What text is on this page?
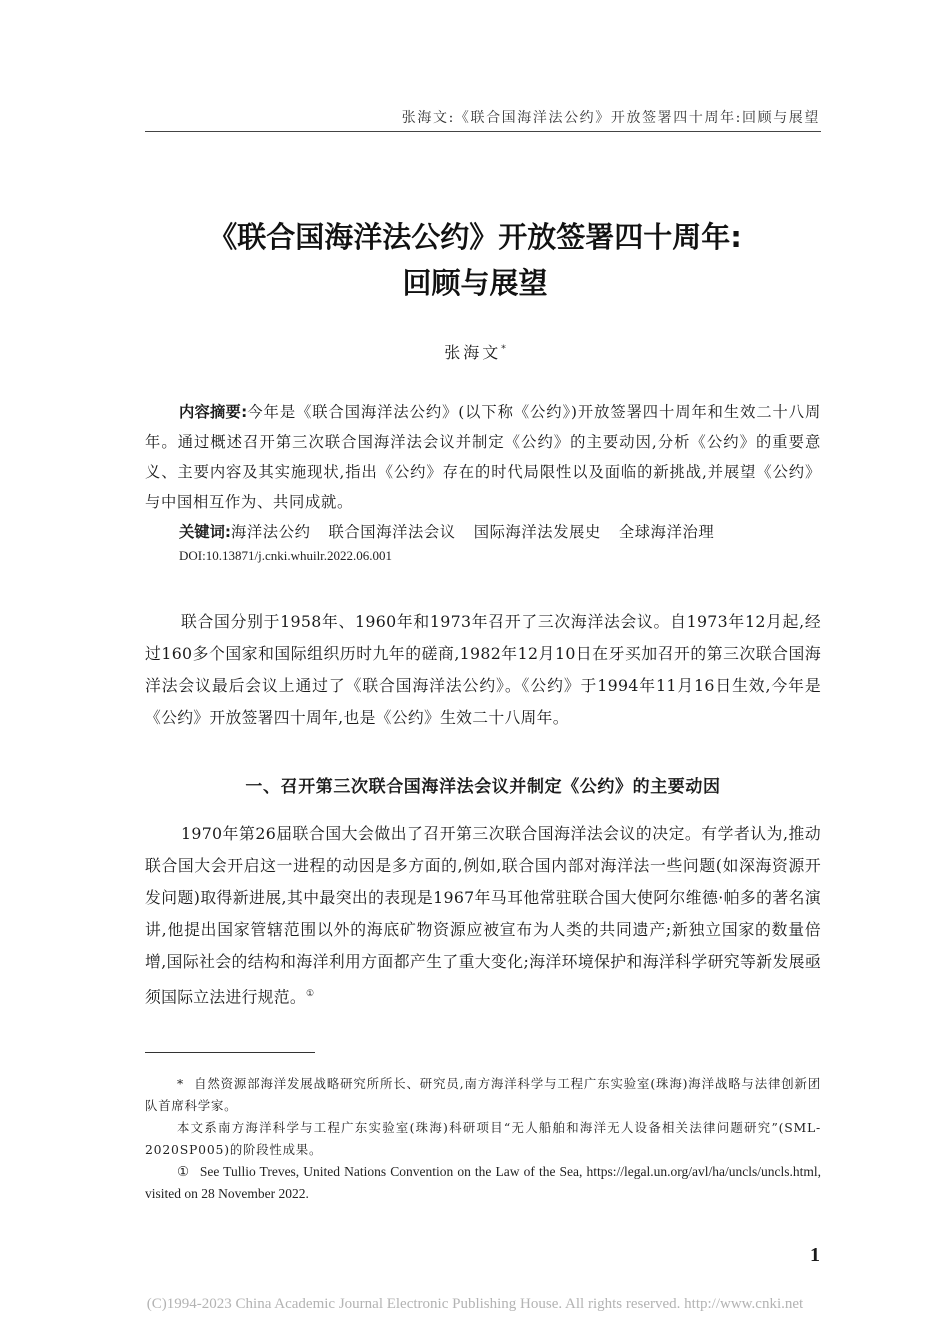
张海文:《联合国海洋法公约》开放签署四十周年:回顾与展望
《联合国海洋法公约》开放签署四十周年:
回顾与展望
张海文*
内容摘要:今年是《联合国海洋法公约》(以下称《公约》)开放签署四十周年和生效二十八周年。通过概述召开第三次联合国海洋法会议并制定《公约》的主要动因,分析《公约》的重要意义、主要内容及其实施现状,指出《公约》存在的时代局限性以及面临的新挑战,并展望《公约》与中国相互作为、共同成就。
关键词:海洋法公约 联合国海洋法会议 国际海洋法发展史 全球海洋治理
DOI:10.13871/j.cnki.whuilr.2022.06.001
联合国分别于1958年、1960年和1973年召开了三次海洋法会议。自1973年12月起,经过160多个国家和国际组织历时九年的磋商,1982年12月10日在牙买加召开的第三次联合国海洋法会议最后会议上通过了《联合国海洋法公约》。《公约》于1994年11月16日生效,今年是《公约》开放签署四十周年,也是《公约》生效二十八周年。
一、召开第三次联合国海洋法会议并制定《公约》的主要动因
1970年第26届联合国大会做出了召开第三次联合国海洋法会议的决定。有学者认为,推动联合国大会开启这一进程的动因是多方面的,例如,联合国内部对海洋法一些问题(如深海资源开发问题)取得新进展,其中最突出的表现是1967年马耳他常驻联合国大使阿尔维德·帕多的著名演讲,他提出国家管辖范围以外的海底矿物资源应被宣布为人类的共同遗产;新独立国家的数量倍增,国际社会的结构和海洋利用方面都产生了重大变化;海洋环境保护和海洋科学研究等新发展亟须国际立法进行规范。①
* 自然资源部海洋发展战略研究所所长、研究员,南方海洋科学与工程广东实验室(珠海)海洋战略与法律创新团队首席科学家。
本文系南方海洋科学与工程广东实验室(珠海)科研项目“无人船舶和海洋无人设备相关法律问题研究”(SML-2020SP005)的阶段性成果。
① See Tullio Treves, United Nations Convention on the Law of the Sea, https://legal.un.org/avl/ha/uncls/uncls.html, visited on 28 November 2022.
1
(C)1994-2023 China Academic Journal Electronic Publishing House. All rights reserved. http://www.cnki.net
